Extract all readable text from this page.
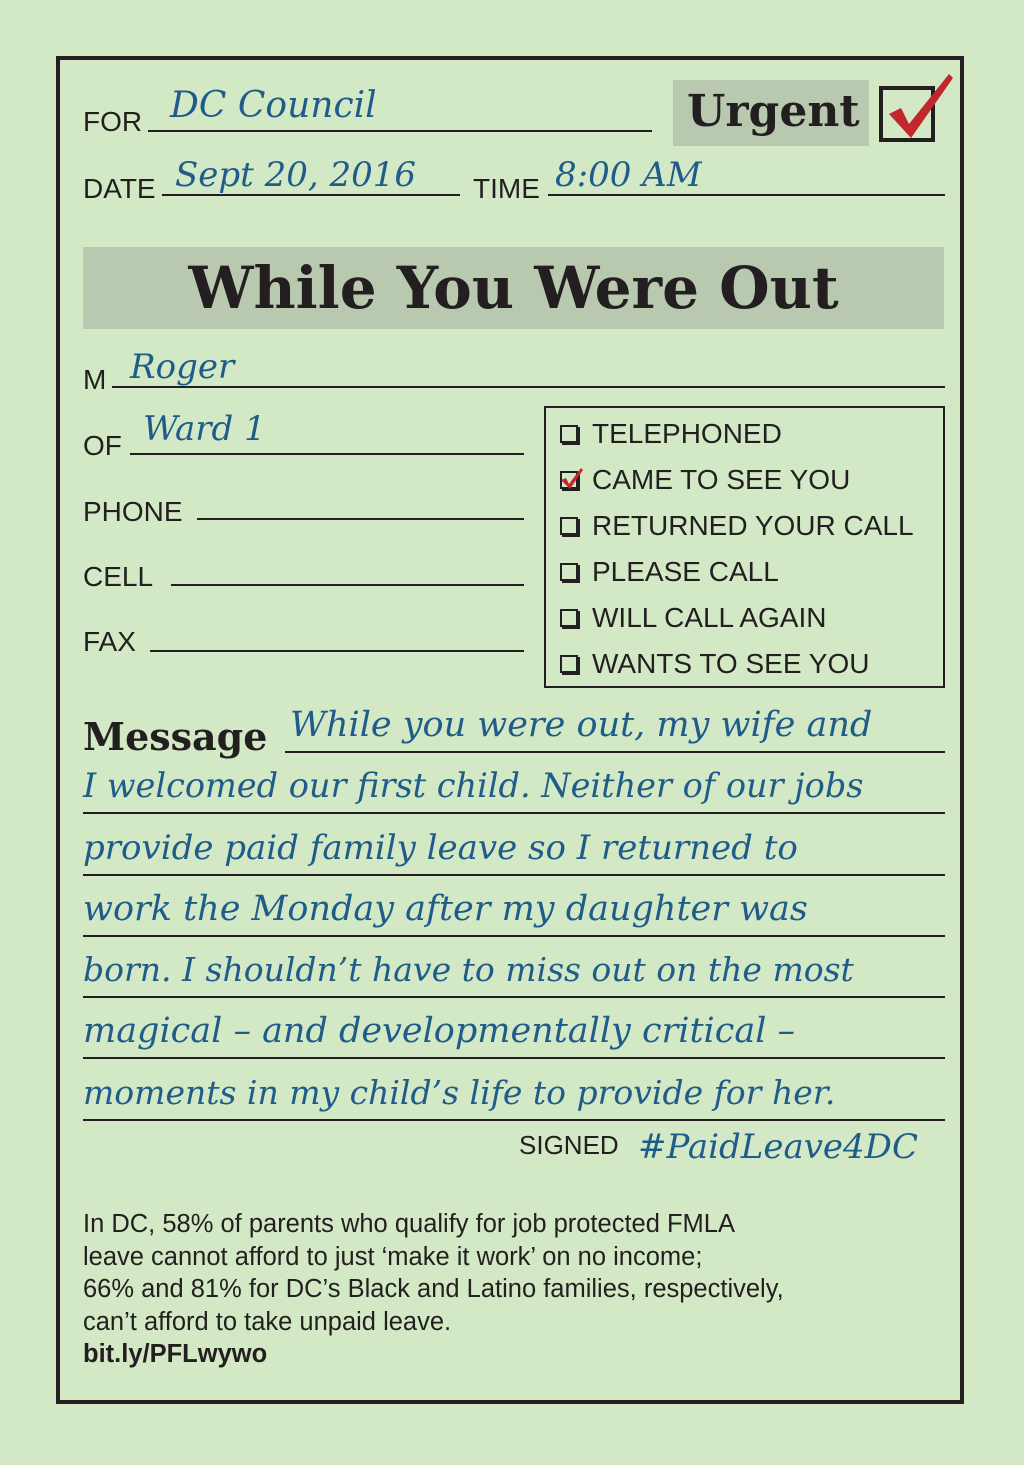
FOR DC Council	Urgent
DATE Sept 20, 2016 TIME 8:00 AM
While You Were Out
M Roger
OF Ward 1
PHONE
CELL
FAX
TELEPHONED
CAME TO SEE YOU
RETURNED YOUR CALL
PLEASE CALL
WILL CALL AGAIN
WANTS TO SEE YOU
Message While you were out, my wife and
I welcomed our first child. Neither of our jobs
provide paid family leave so I returned to
work the Monday after my daughter was
born. I shouldn’t have to miss out on the most
magical – and developmentally critical –
moments in my child’s life to provide for her.
SIGNED #PaidLeave4DC
In DC, 58% of parents who qualify for job protected FMLA
leave cannot afford to just ‘make it work’ on no income;
66% and 81% for DC’s Black and Latino families, respectively,
can’t afford to take unpaid leave.
bit.ly/PFLwywo
